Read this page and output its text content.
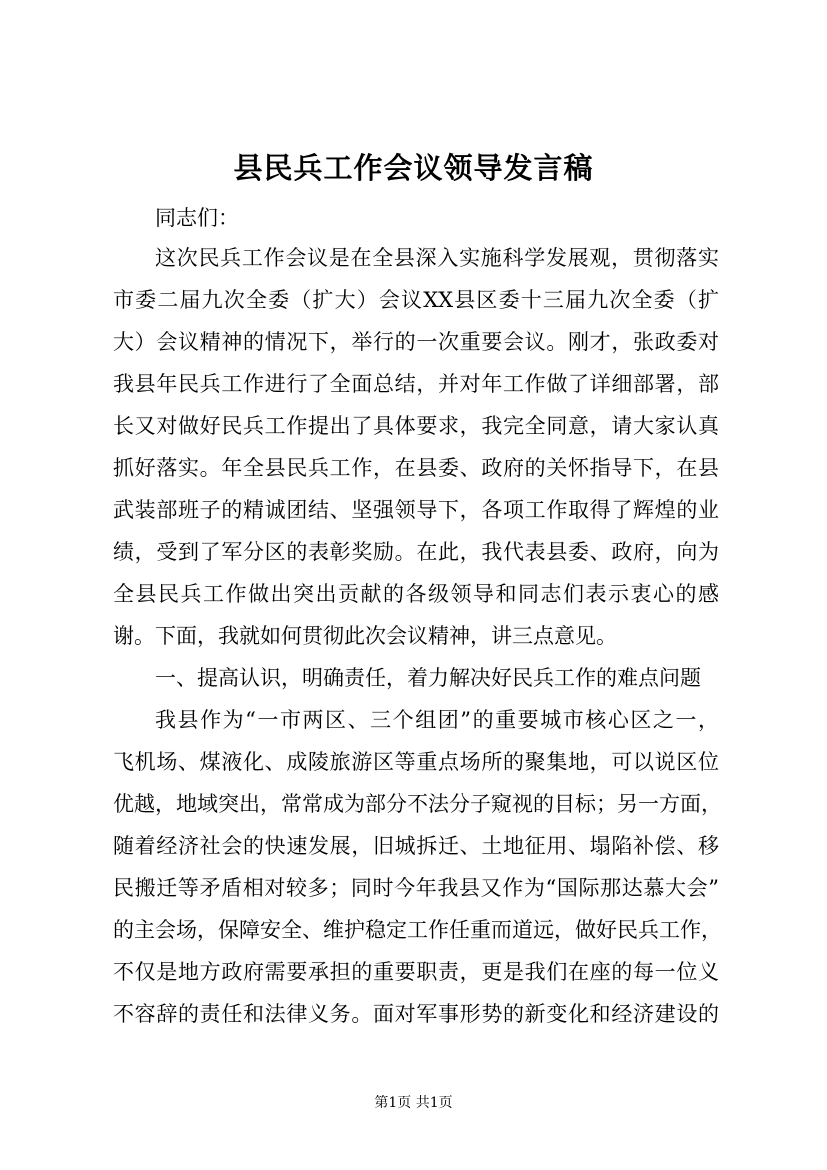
县民兵工作会议领导发言稿

同志们：

这次民兵工作会议是在全县深入实施科学发展观，贯彻落实

市委二届九次全委（扩大）会议XX县区委十三届九次全委（扩

大）会议精神的情况下，举行的一次重要会议。刚才，张政委对

我县年民兵工作进行了全面总结，并对年工作做了详细部署，部

长又对做好民兵工作提出了具体要求，我完全同意，请大家认真

抓好落实。年全县民兵工作，在县委、政府的关怀指导下，在县

武装部班子的精诚团结、坚强领导下，各项工作取得了辉煌的业

绩，受到了军分区的表彰奖励。在此，我代表县委、政府，向为

全县民兵工作做出突出贡献的各级领导和同志们表示衷心的感

谢。下面，我就如何贯彻此次会议精神，讲三点意见。

一、提高认识，明确责任，着力解决好民兵工作的难点问题

我县作为“一市两区、三个组团”的重要城市核心区之一，

飞机场、煤液化、成陵旅游区等重点场所的聚集地，可以说区位

优越，地域突出，常常成为部分不法分子窥视的目标；另一方面，

随着经济社会的快速发展，旧城拆迁、土地征用、塌陷补偿、移

民搬迁等矛盾相对较多；同时今年我县又作为“国际那达慕大会”

的主会场，保障安全、维护稳定工作任重而道远，做好民兵工作，

不仅是地方政府需要承担的重要职责，更是我们在座的每一位义

不容辞的责任和法律义务。面对军事形势的新变化和经济建设的

第1页 共1页
